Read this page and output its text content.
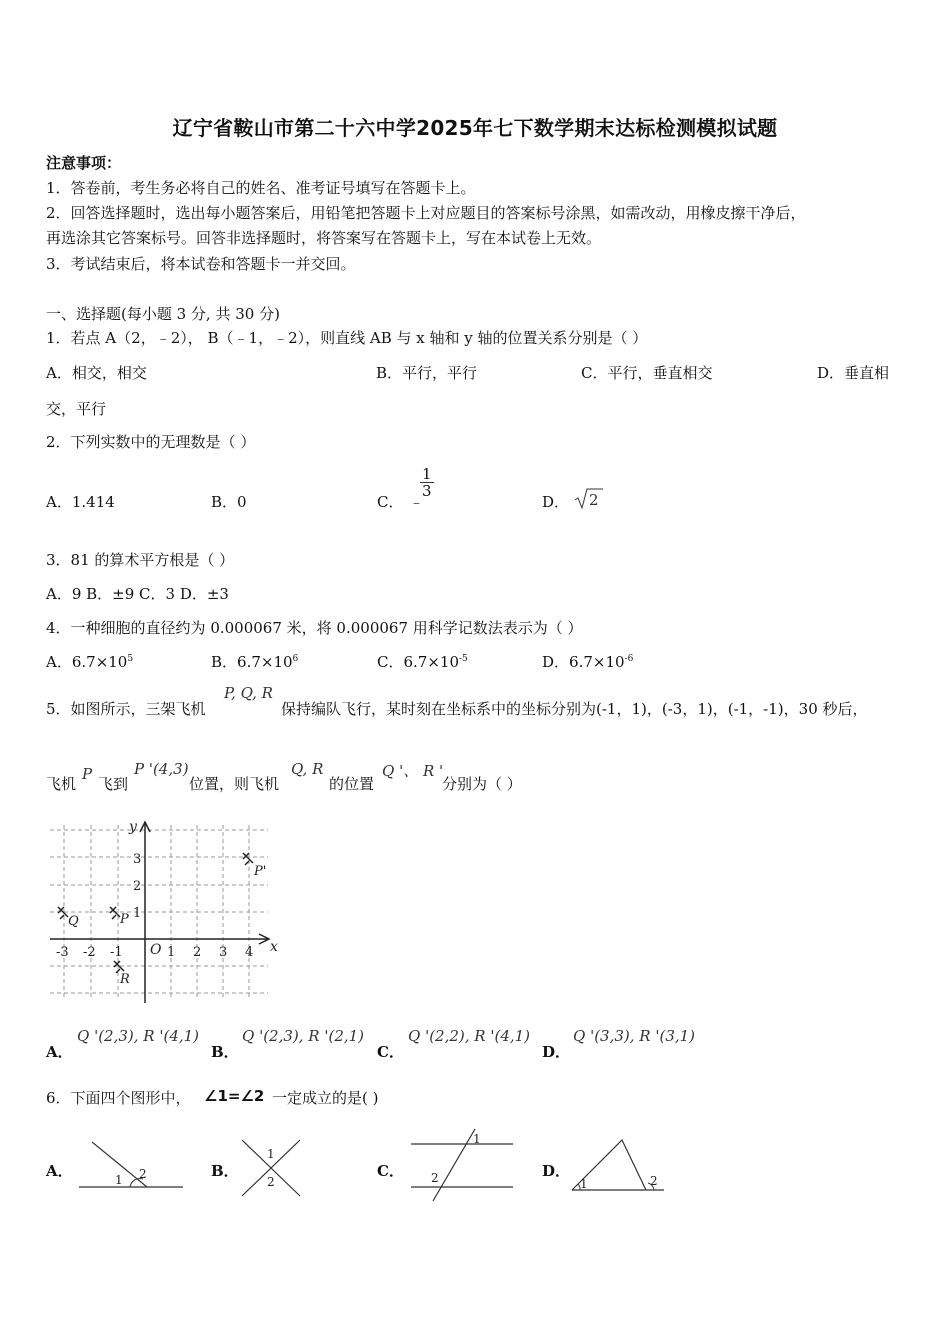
辽宁省鞍山市第二十六中学2025年七下数学期末达标检测模拟试题
注意事项：
1．答卷前，考生务必将自己的姓名、准考证号填写在答题卡上。
2．回答选择题时，选出每小题答案后，用铅笔把答题卡上对应题目的答案标号涂黑，如需改动，用橡皮擦干净后，
再选涂其它答案标号。回答非选择题时，将答案写在答题卡上，写在本试卷上无效。
3．考试结束后，将本试卷和答题卡一并交回。
一、选择题(每小题 3 分, 共 30 分)
1．若点 A（2，﹣2）， B（﹣1，﹣2），则直线 AB 与 x 轴和 y 轴的位置关系分别是（ ）
A．相交，相交	B．平行，平行	C．平行，垂直相交	D．垂直相
交，平行
2．下列实数中的无理数是（ ）
A．1.414	B．0	C． ﹣
$\frac{1}{3}$
D． 2
3．81 的算术平方根是（ ）
A．9 B．±9 C．3 D．±3
4．一种细胞的直径约为 0.000067 米，将 0.000067 用科学记数法表示为（ ）
A．$6.7\times 10^5$	B．$6.7\times 10^6$	C．$6.7\times 10^{-5}$	D．$6.7\times 10^{-6}$
5．如图所示，三架飞机
P, Q, R
保持编队飞行，某时刻在坐标系中的坐标分别为(-1，1)，(-3，1)，(-1，-1)，30 秒后，
飞机
P
飞到
P '(4,3)
位置，则飞机
Q, R
的位置
Q '、 R '
分别为（ ）
x
y
O
-3 -2 -1	1 2 3 4
3
2
1
Q	P
R
P'
A．
Q '(2,3), R '(4,1)
B．
Q '(2,3), R '(2,1)
C．
Q '(2,2), R '(4,1)
D．
Q '(3,3), R '(3,1)
6．下面四个图形中， ∠1=∠2 一定成立的是( )
A．	1 2	B．
1
2
C．
1
2	D．
1	2
